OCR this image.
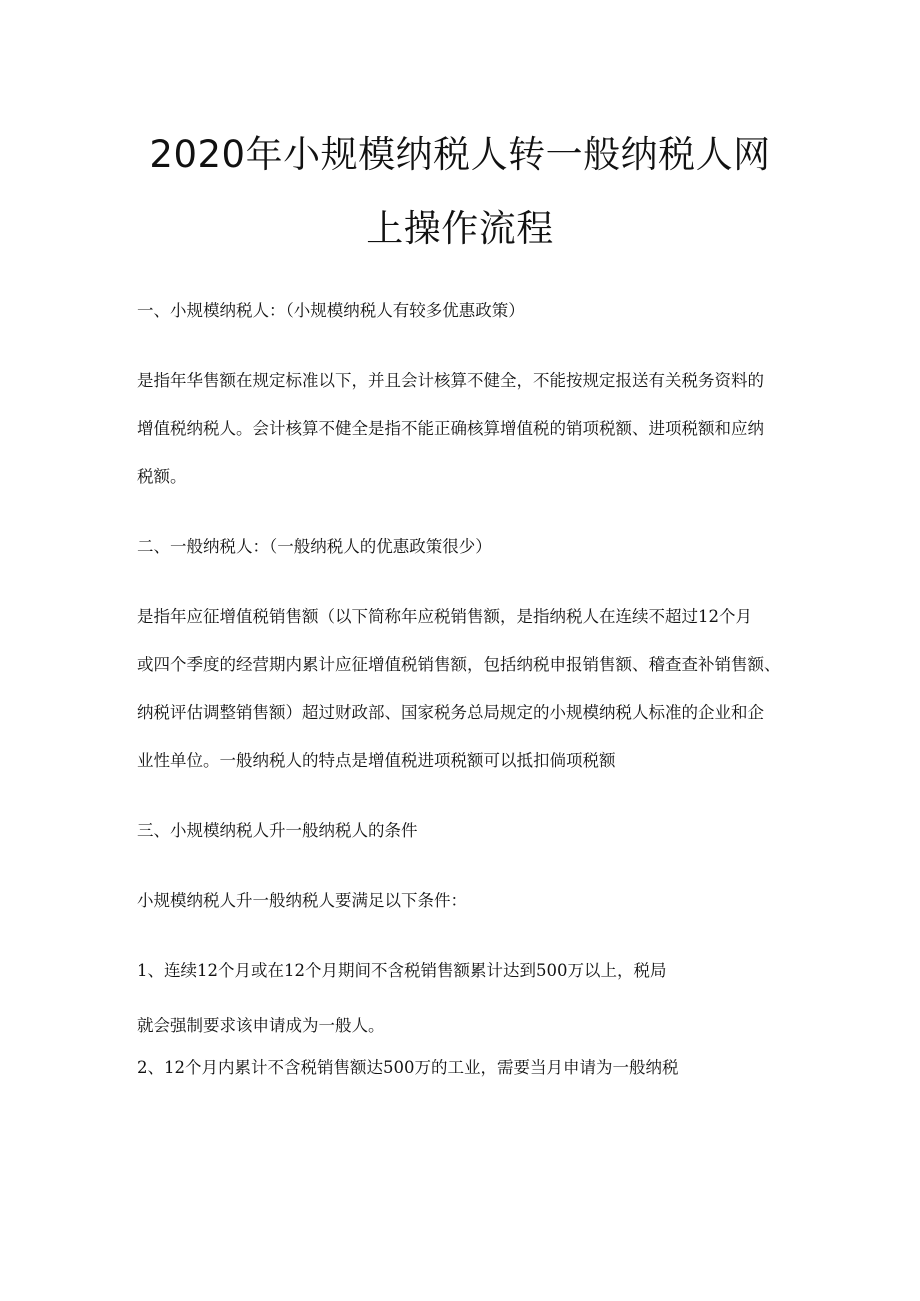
2020年小规模纳税人转一般纳税人网
上操作流程
一、小规模纳税人：（小规模纳税人有较多优惠政策）
是指年华售额在规定标准以下，并且会计核算不健全，不能按规定报送有关税务资料的
增值税纳税人。会计核算不健全是指不能正确核算增值税的销项税额、进项税额和应纳
税额。
二、一般纳税人：（一般纳税人的优惠政策很少）
是指年应征增值税销售额（以下简称年应税销售额，是指纳税人在连续不超过12个月
或四个季度的经营期内累计应征增值税销售额，包括纳税申报销售额、稽查查补销售额、
纳税评估调整销售额）超过财政部、国家税务总局规定的小规模纳税人标准的企业和企
业性单位。一般纳税人的特点是增值税进项税额可以抵扣倘项税额
三、小规模纳税人升一般纳税人的条件
小规模纳税人升一般纳税人要满足以下条件：
1、连续12个月或在12个月期间不含税销售额累计达到500万以上，税局
就会强制要求该申请成为一般人。
2、12个月内累计不含税销售额达500万的工业，需要当月申请为一般纳税
